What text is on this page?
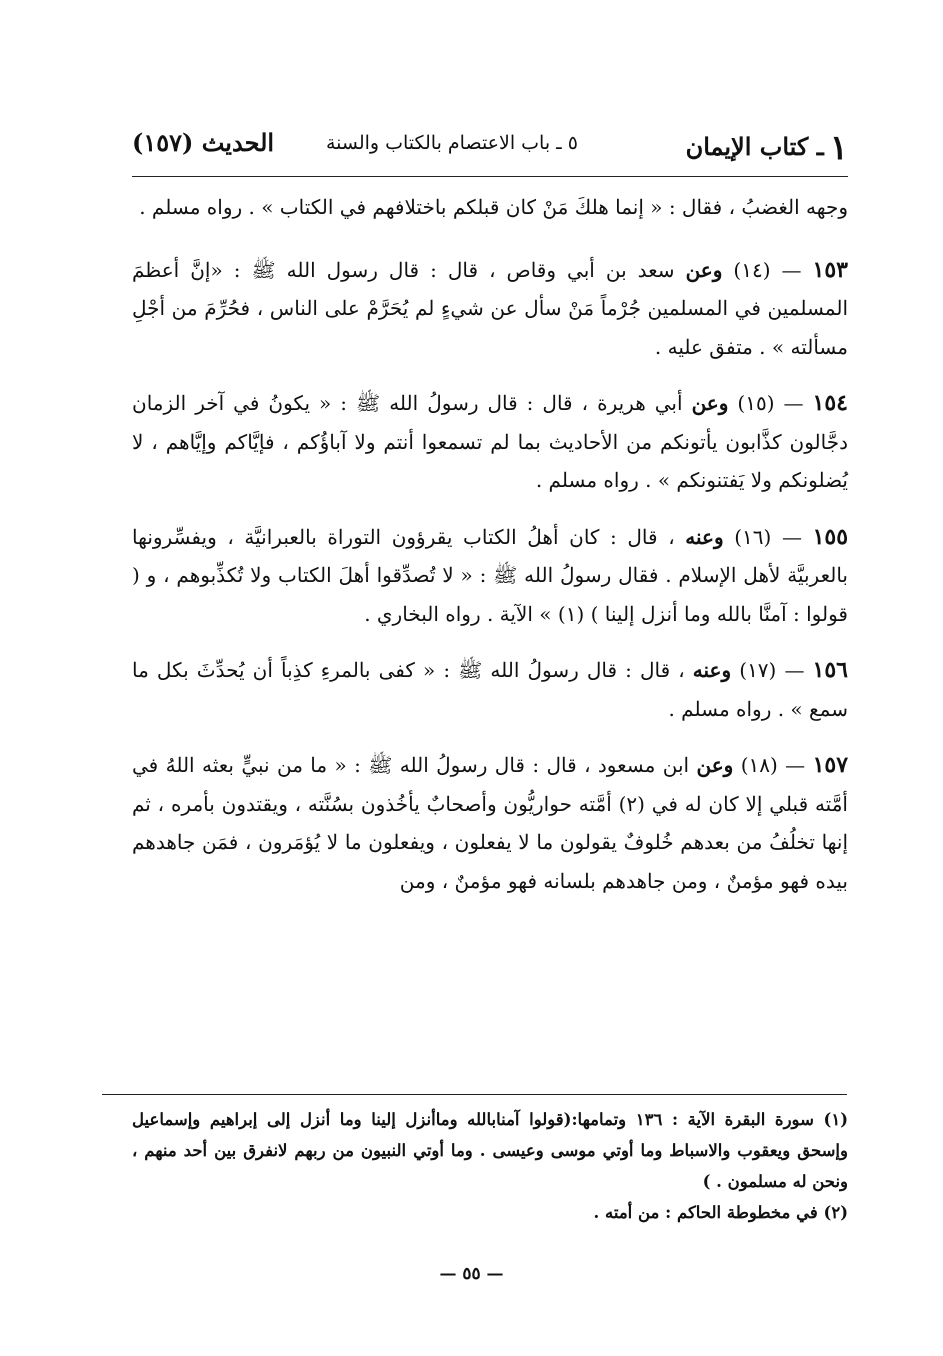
١ـ كتاب الإيمان
٥ ـ باب الاعتصام بالكتاب والسنة
الحديث (١٥٧)

وجهه الغضبُ ، فقال : « إنما هلكَ مَنْ كان قبلكم باختلافهم في الكتاب » . رواه مسلم .

١٥٣ — (١٤) وعن سعد بن أبي وقاص ، قال : قال رسول الله ﷺ : «إنَّ أعظمَ المسلمين في المسلمين جُرْماً مَنْ سأل عن شيءٍ لم يُحَرَّمْ على الناس ، فحُرِّمَ من أجْلِ مسألته » . متفق عليه .

١٥٤ — (١٥) وعن أبي هريرة ، قال : قال رسولُ الله ﷺ : « يكونُ في آخر الزمان دجَّالون كذَّابون يأتونكم من الأحاديث بما لم تسمعوا أنتم ولا آباؤُكم ، فإيَّاكم وإيَّاهم ، لا يُضلونكم ولا يَفتنونكم » . رواه مسلم .

١٥٥ — (١٦) وعنه ، قال : كان أهلُ الكتاب يقرؤون التوراة بالعبرانيَّة ، ويفسِّرونها بالعربيَّة لأهل الإسلام . فقال رسولُ الله ﷺ : « لا تُصدِّقوا أهلَ الكتاب ولا تُكذِّبوهم ، و ( قولوا : آمنَّا بالله وما أنزل إلينا ) (١) » الآية . رواه البخاري .

١٥٦ — (١٧) وعنه ، قال : قال رسولُ الله ﷺ : « كفى بالمرءِ كذِباً أن يُحدِّثَ بكل ما سمع » . رواه مسلم .

١٥٧ — (١٨) وعن ابن مسعود ، قال : قال رسولُ الله ﷺ : « ما من نبيٍّ بعثه اللهُ في أمَّته قبلي إلا كان له في (٢) أمَّته حواريُّون وأصحابٌ يأخُذون بسُنَّته ، ويقتدون بأمره ، ثم إنها تخلُفُ من بعدهم خُلوفٌ يقولون ما لا يفعلون ، ويفعلون ما لا يُؤمَرون ، فمَن جاهدهم بيده فهو مؤمنٌ ، ومن جاهدهم بلسانه فهو مؤمنٌ ، ومن

(١) سورة البقرة الآية : ١٣٦ وتمامها:(قولوا آمنابالله وماأنزل إلينا وما أنزل إلى إبراهيم وإسماعيل وإسحق ويعقوب والاسباط وما أوتي موسى وعيسى . وما أوتي النبيون من ربهم لانفرق بين أحد منهم ، ونحن له مسلمون . )

(٢) في مخطوطة الحاكم : من أمته .

— ٥٥ —
